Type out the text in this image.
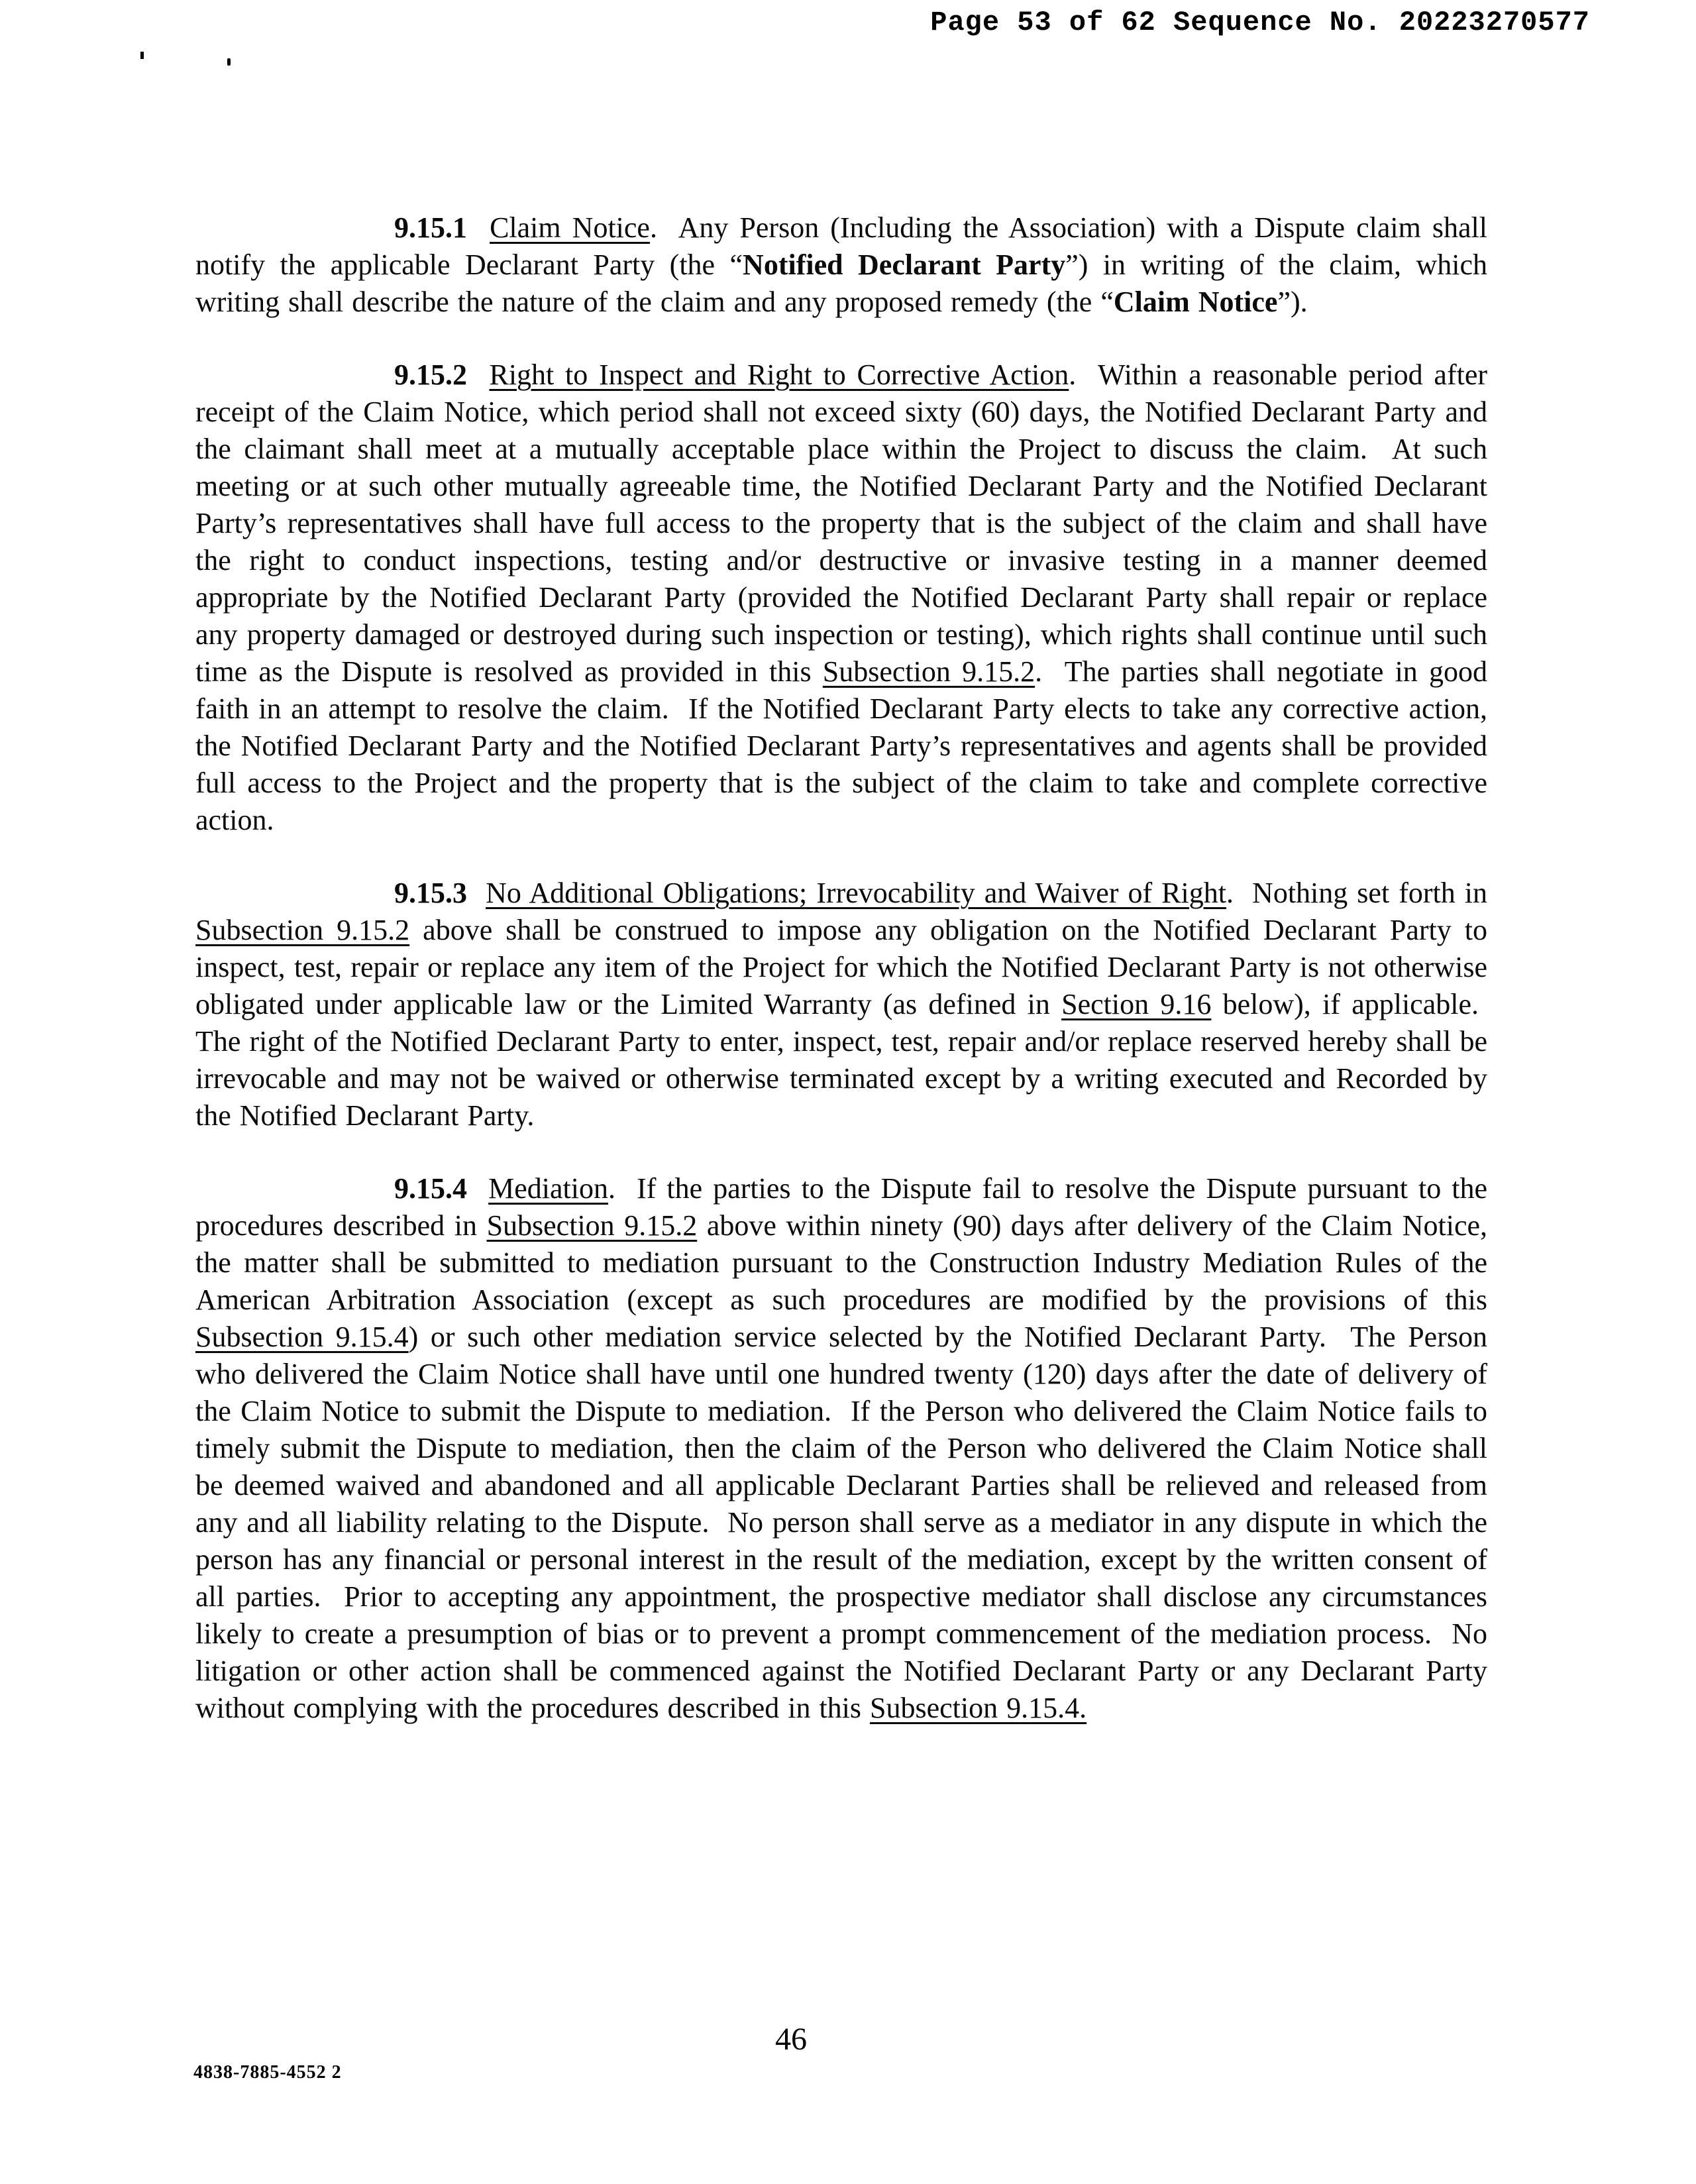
Page 53 of 62 Sequence No. 20223270577

9.15.1  Claim Notice.  Any Person (Including the Association) with a Dispute claim shall notify the applicable Declarant Party (the “Notified Declarant Party”) in writing of the claim, which writing shall describe the nature of the claim and any proposed remedy (the “Claim Notice”).

9.15.2  Right to Inspect and Right to Corrective Action.  Within a reasonable period after receipt of the Claim Notice, which period shall not exceed sixty (60) days, the Notified Declarant Party and the claimant shall meet at a mutually acceptable place within the Project to discuss the claim.  At such meeting or at such other mutually agreeable time, the Notified Declarant Party and the Notified Declarant Party’s representatives shall have full access to the property that is the subject of the claim and shall have the right to conduct inspections, testing and/or destructive or invasive testing in a manner deemed appropriate by the Notified Declarant Party (provided the Notified Declarant Party shall repair or replace any property damaged or destroyed during such inspection or testing), which rights shall continue until such time as the Dispute is resolved as provided in this Subsection 9.15.2.  The parties shall negotiate in good faith in an attempt to resolve the claim.  If the Notified Declarant Party elects to take any corrective action, the Notified Declarant Party and the Notified Declarant Party’s representatives and agents shall be provided full access to the Project and the property that is the subject of the claim to take and complete corrective action.

9.15.3  No Additional Obligations; Irrevocability and Waiver of Right.  Nothing set forth in Subsection 9.15.2 above shall be construed to impose any obligation on the Notified Declarant Party to inspect, test, repair or replace any item of the Project for which the Notified Declarant Party is not otherwise obligated under applicable law or the Limited Warranty (as defined in Section 9.16 below), if applicable.  The right of the Notified Declarant Party to enter, inspect, test, repair and/or replace reserved hereby shall be irrevocable and may not be waived or otherwise terminated except by a writing executed and Recorded by the Notified Declarant Party.

9.15.4  Mediation.  If the parties to the Dispute fail to resolve the Dispute pursuant to the procedures described in Subsection 9.15.2 above within ninety (90) days after delivery of the Claim Notice, the matter shall be submitted to mediation pursuant to the Construction Industry Mediation Rules of the American Arbitration Association (except as such procedures are modified by the provisions of this Subsection 9.15.4) or such other mediation service selected by the Notified Declarant Party.  The Person who delivered the Claim Notice shall have until one hundred twenty (120) days after the date of delivery of the Claim Notice to submit the Dispute to mediation.  If the Person who delivered the Claim Notice fails to timely submit the Dispute to mediation, then the claim of the Person who delivered the Claim Notice shall be deemed waived and abandoned and all applicable Declarant Parties shall be relieved and released from any and all liability relating to the Dispute.  No person shall serve as a mediator in any dispute in which the person has any financial or personal interest in the result of the mediation, except by the written consent of all parties.  Prior to accepting any appointment, the prospective mediator shall disclose any circumstances likely to create a presumption of bias or to prevent a prompt commencement of the mediation process.  No litigation or other action shall be commenced against the Notified Declarant Party or any Declarant Party without complying with the procedures described in this Subsection 9.15.4.

46
4838-7885-4552 2
